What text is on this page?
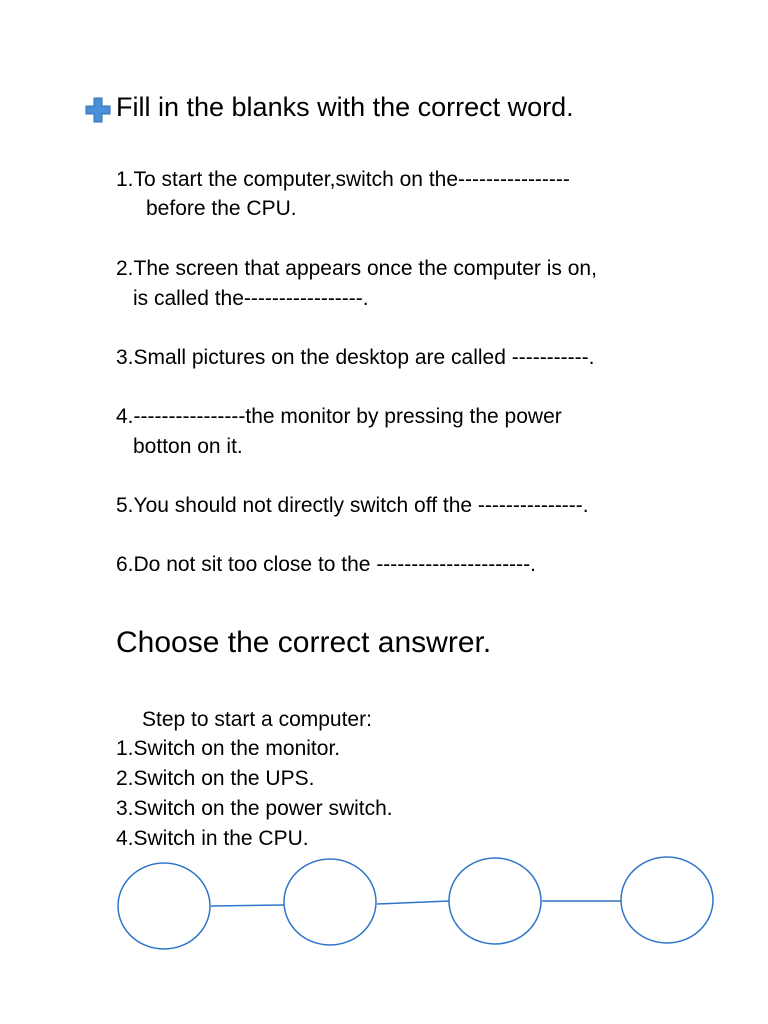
Fill in the blanks with the correct word.
1.To start the computer,switch on the----------------
before the CPU.
2.The screen that appears once the computer is on,
is called the-----------------.
3.Small pictures on the desktop are called -----------.
4.----------------the monitor by pressing the power
botton on it.
5.You should not directly switch off the ---------------.
6.Do not sit too close to the ----------------------.
Choose the correct answrer.
Step to start a computer:
1.Switch on the monitor.
2.Switch on the UPS.
3.Switch on the power switch.
4.Switch in the CPU.
